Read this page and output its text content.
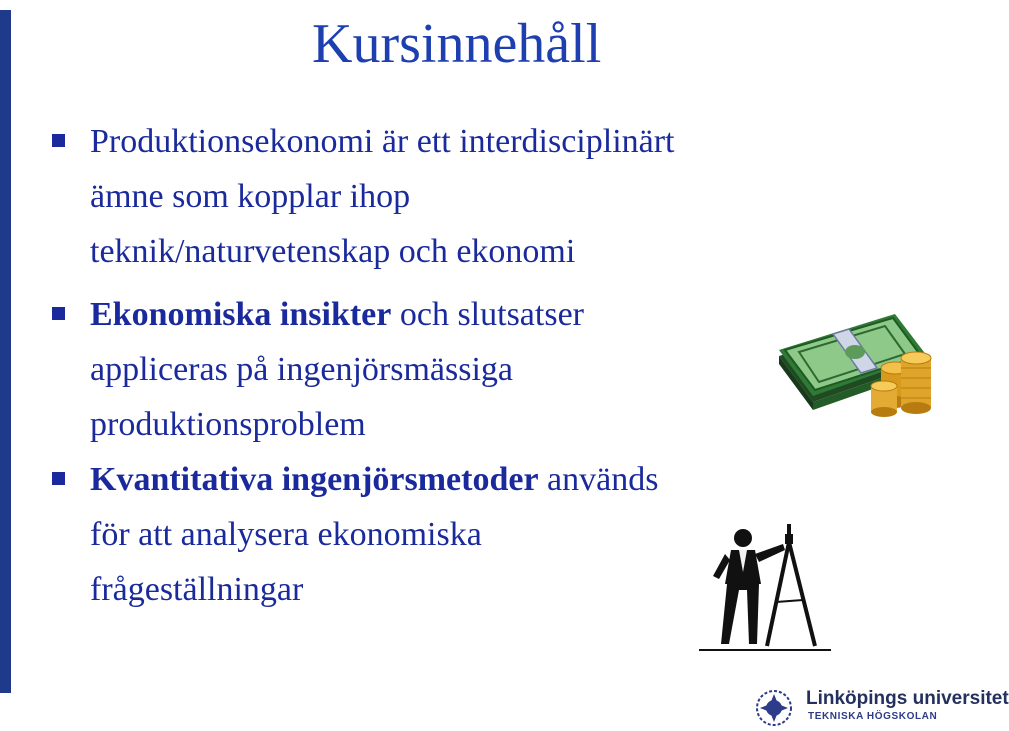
Kursinnehåll
Produktionsekonomi är ett interdisciplinärt
ämne som kopplar ihop
teknik/naturvetenskap och ekonomi
Ekonomiska insikter och slutsatser
appliceras på ingenjörsmässiga
produktionsproblem
Kvantitativa ingenjörsmetoder används
för att analysera ekonomiska
frågeställningar
Linköpings universitet
TEKNISKA HÖGSKOLAN
